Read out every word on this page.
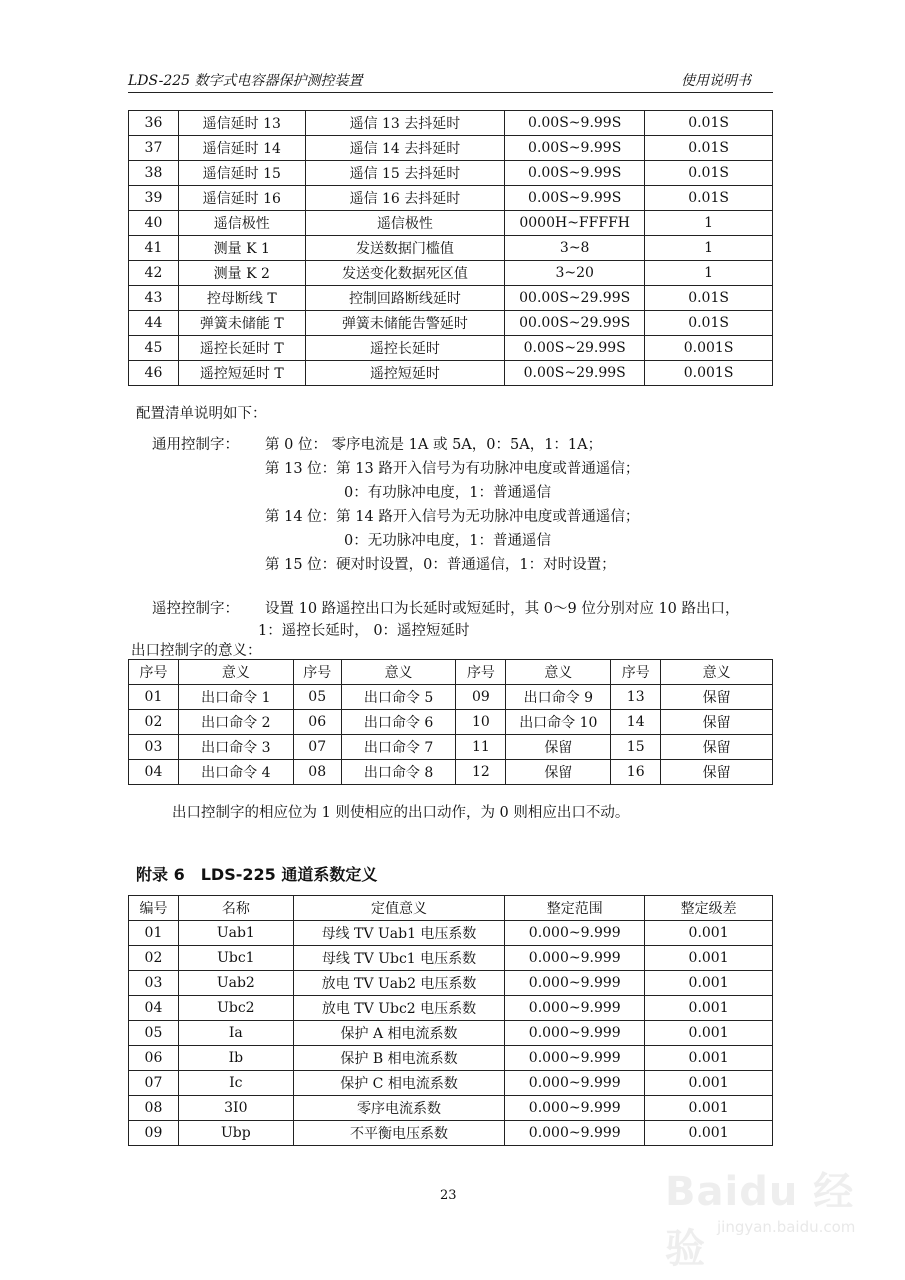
LDS-225 数字式电容器保护测控装置	使用说明书
36	遥信延时 13	遥信 13 去抖延时	0.00S~9.99S	0.01S
37	遥信延时 14	遥信 14 去抖延时	0.00S~9.99S	0.01S
38	遥信延时 15	遥信 15 去抖延时	0.00S~9.99S	0.01S
39	遥信延时 16	遥信 16 去抖延时	0.00S~9.99S	0.01S
40	遥信极性	遥信极性	0000H~FFFFH	1
41	测量 K 1	发送数据门槛值	3~8	1
42	测量 K 2	发送变化数据死区值	3~20	1
43	控母断线 T	控制回路断线延时	00.00S~29.99S	0.01S
44	弹簧未储能 T	弹簧未储能告警延时	00.00S~29.99S	0.01S
45	遥控长延时 T	遥控长延时	0.00S~29.99S	0.001S
46	遥控短延时 T	遥控短延时	0.00S~29.99S	0.001S
配置清单说明如下：
通用控制字： 第 0 位： 零序电流是 1A 或 5A，0：5A，1：1A；
第 13 位：第 13 路开入信号为有功脉冲电度或普通遥信；
0：有功脉冲电度，1：普通遥信
第 14 位：第 14 路开入信号为无功脉冲电度或普通遥信；
0：无功脉冲电度，1：普通遥信
第 15 位：硬对时设置，0：普通遥信，1：对时设置；
遥控控制字： 设置 10 路遥控出口为长延时或短延时，其 0～9 位分别对应 10 路出口，
1：遥控长延时， 0：遥控短延时
出口控制字的意义：
序号	意义	序号	意义	序号	意义	序号	意义
01	出口命令 1	05	出口命令 5	09	出口命令 9	13	保留
02	出口命令 2	06	出口命令 6	10	出口命令 10	14	保留
03	出口命令 3	07	出口命令 7	11	保留	15	保留
04	出口命令 4	08	出口命令 8	12	保留	16	保留
出口控制字的相应位为 1 则使相应的出口动作，为 0 则相应出口不动。
附录 6 LDS-225 通道系数定义
编号	名称	定值意义	整定范围	整定级差
01	Uab1	母线 TV Uab1 电压系数	0.000~9.999	0.001
02	Ubc1	母线 TV Ubc1 电压系数	0.000~9.999	0.001
03	Uab2	放电 TV Uab2 电压系数	0.000~9.999	0.001
04	Ubc2	放电 TV Ubc2 电压系数	0.000~9.999	0.001
05	Ia	保护 A 相电流系数	0.000~9.999	0.001
06	Ib	保护 B 相电流系数	0.000~9.999	0.001
07	Ic	保护 C 相电流系数	0.000~9.999	0.001
08	3I0	零序电流系数	0.000~9.999	0.001
09	Ubp	不平衡电压系数	0.000~9.999	0.001
23	Baidu 经验 jingyan.baidu.com
